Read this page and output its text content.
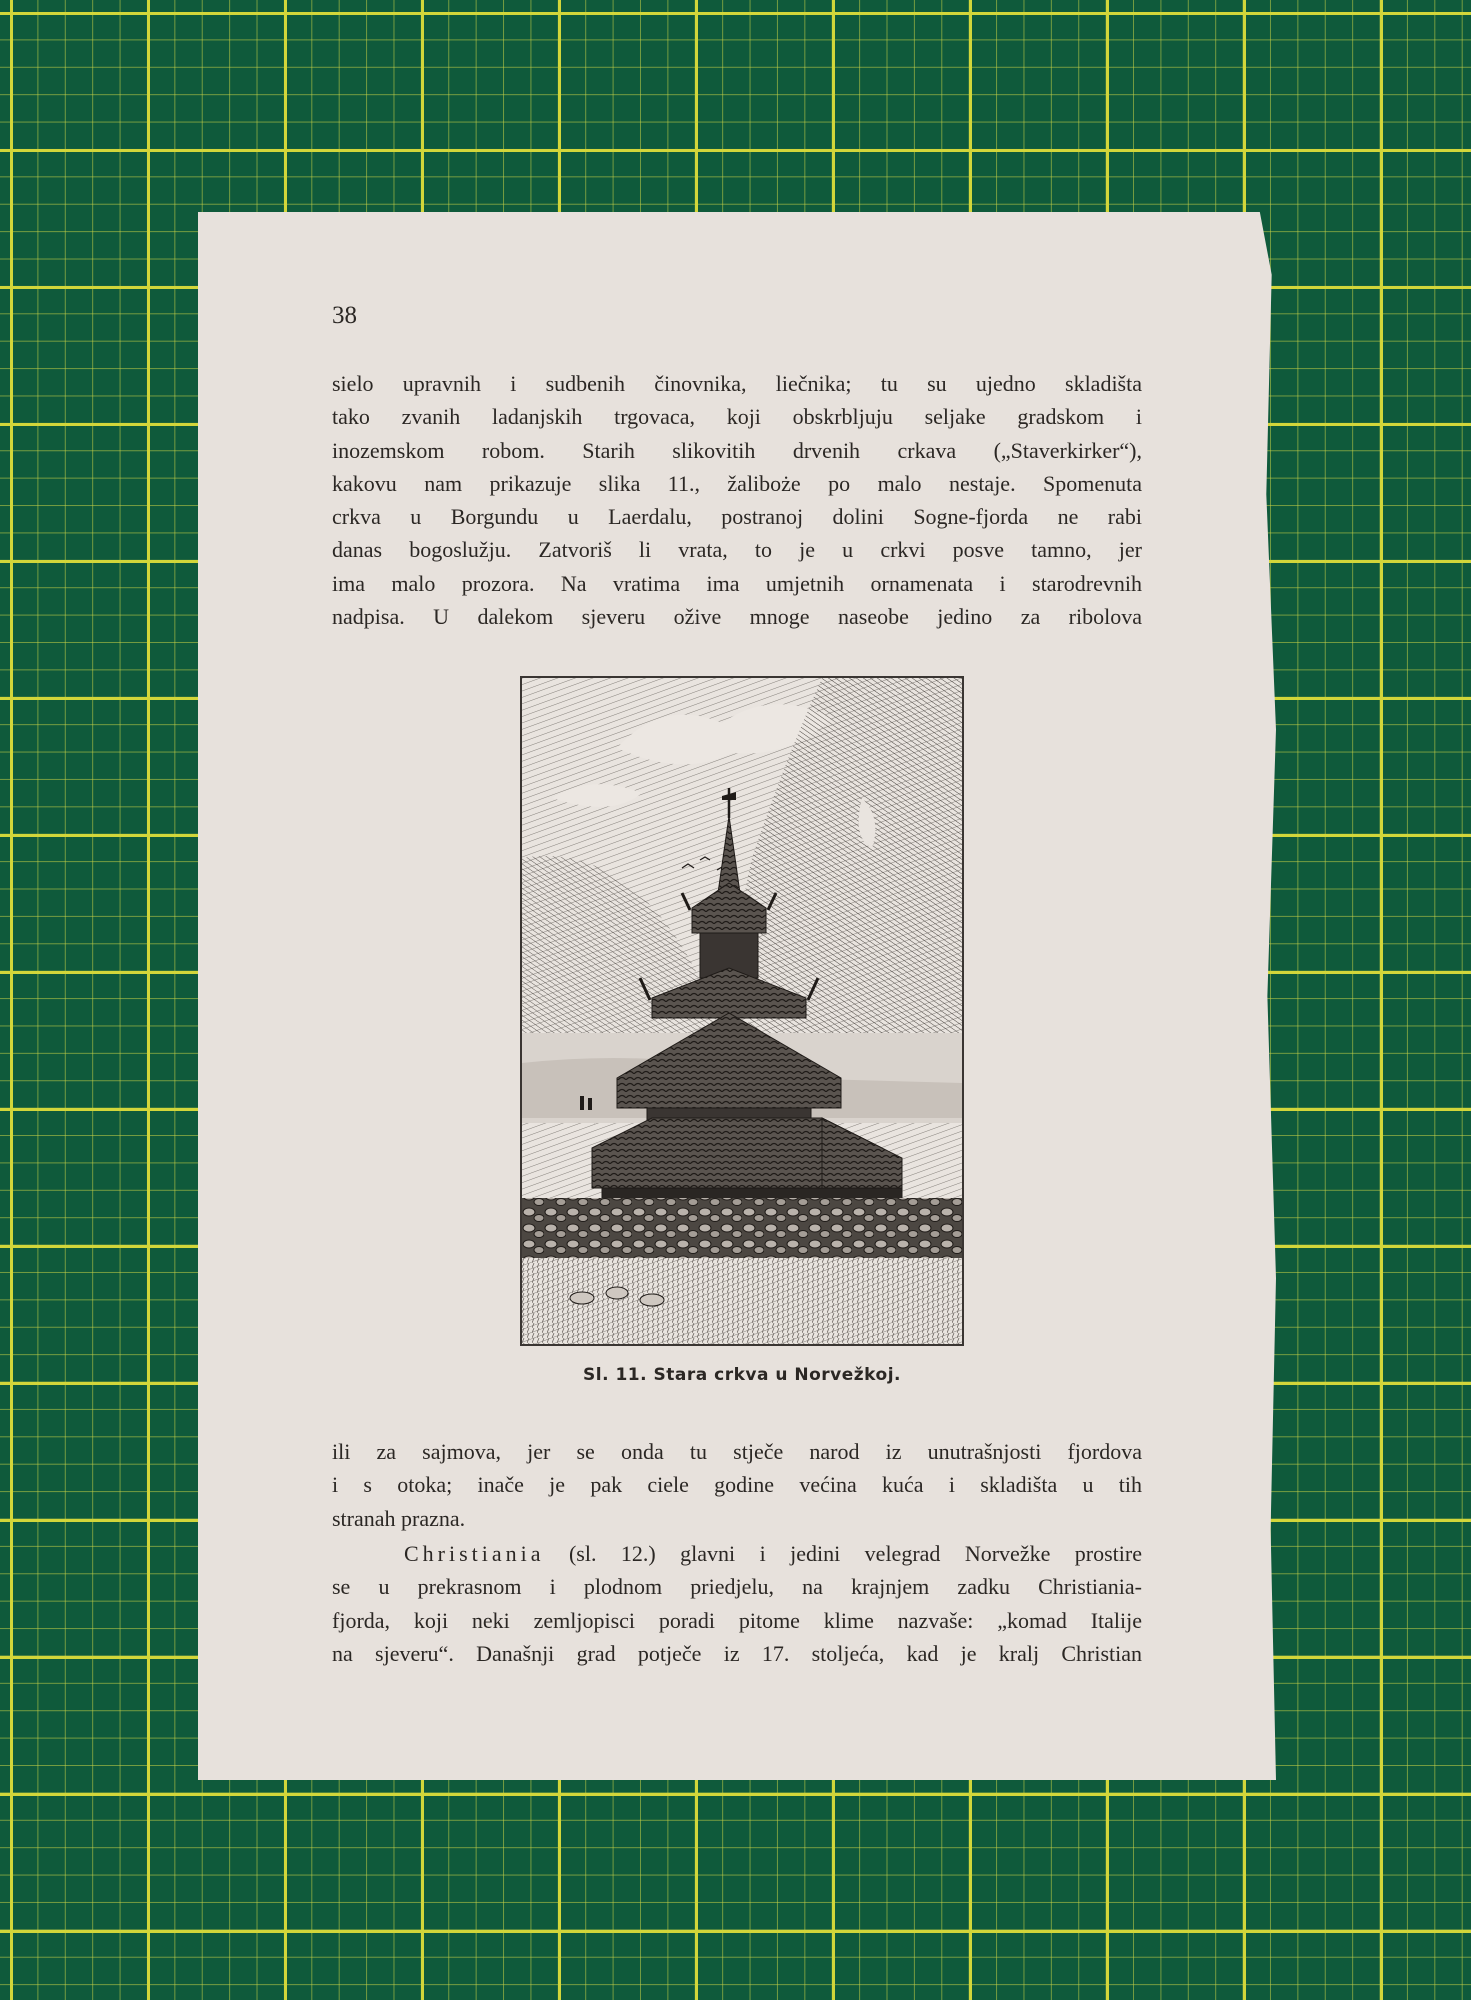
38
sielo upravnih i sudbenih činovnika, liečnika; tu su ujedno skladišta
tako zvanih ladanjskih trgovaca, koji obskrbljuju seljake gradskom i
inozemskom robom. Starih slikovitih drvenih crkava („Staverkirker“),
kakovu nam prikazuje slika 11., žaliboże po malo nestaje. Spomenuta
crkva u Borgundu u Laerdalu, postranoj dolini Sogne-fjorda ne rabi
danas bogoslužju. Zatvoriš li vrata, to je u crkvi posve tamno, jer
ima malo prozora. Na vratima ima umjetnih ornamenata i starodrevnih
nadpisa. U dalekom sjeveru ožive mnoge naseobe jedino za ribolova
Sl. 11. Stara crkva u Norvežkoj.
ili za sajmova, jer se onda tu stječe narod iz unutrašnjosti fjordova
i s otoka; inače je pak ciele godine većina kuća i skladišta u tih
stranah prazna.
Christiania (sl. 12.) glavni i jedini velegrad Norvežke prostire
se u prekrasnom i plodnom priedjelu, na krajnjem zadku Christiania-
fjorda, koji neki zemljopisci poradi pitome klime nazvaše: „komad Italije
na sjeveru“. Današnji grad potječe iz 17. stoljeća, kad je kralj Christian
